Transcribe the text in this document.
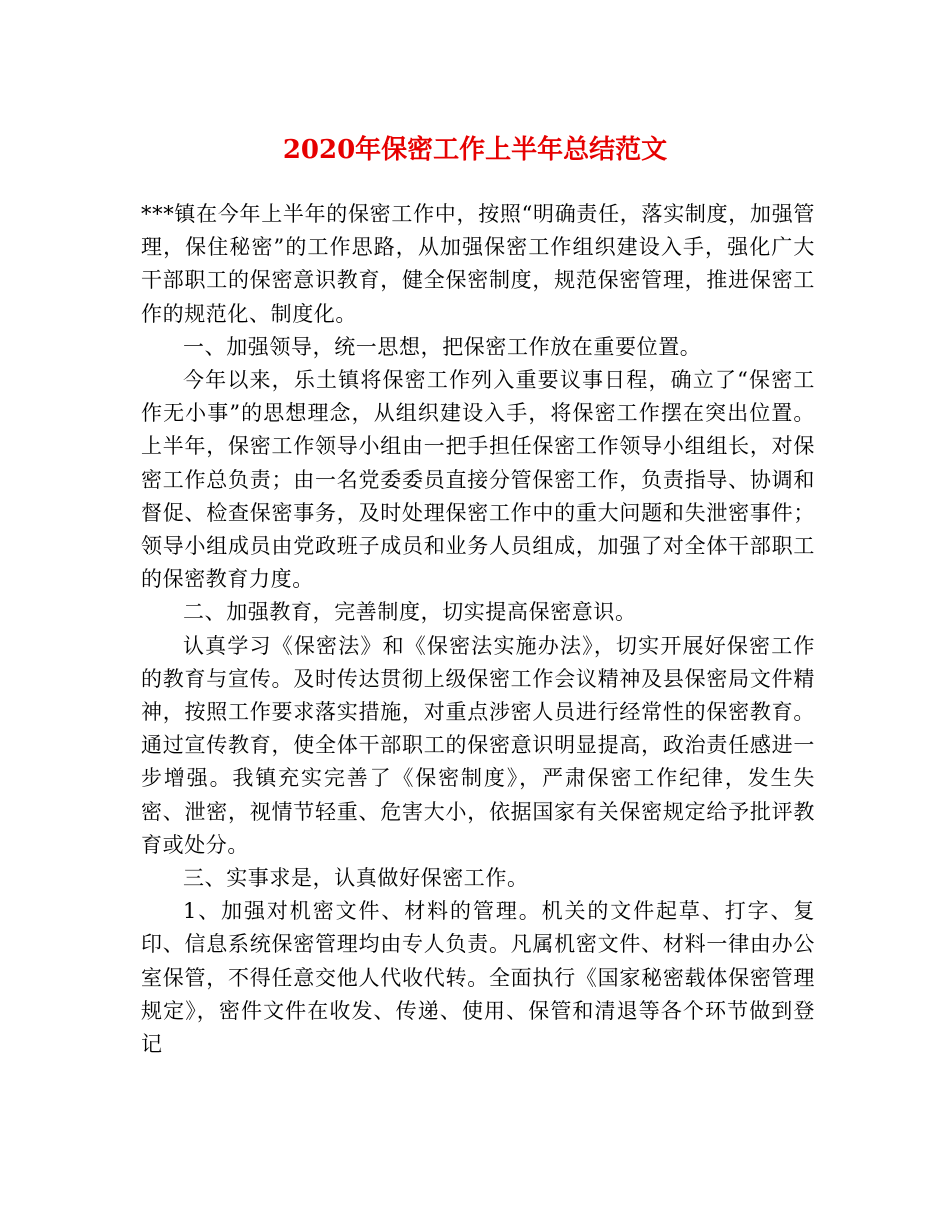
2020年保密工作上半年总结范文

***镇在今年上半年的保密工作中，按照“明确责任，落实制度，加强管理，保住秘密”的工作思路，从加强保密工作组织建设入手，强化广大干部职工的保密意识教育，健全保密制度，规范保密管理，推进保密工作的规范化、制度化。

一、加强领导，统一思想，把保密工作放在重要位置。

今年以来，乐土镇将保密工作列入重要议事日程，确立了“保密工作无小事”的思想理念，从组织建设入手，将保密工作摆在突出位置。上半年，保密工作领导小组由一把手担任保密工作领导小组组长，对保密工作总负责；由一名党委委员直接分管保密工作，负责指导、协调和督促、检查保密事务，及时处理保密工作中的重大问题和失泄密事件；领导小组成员由党政班子成员和业务人员组成，加强了对全体干部职工的保密教育力度。

二、加强教育，完善制度，切实提高保密意识。

认真学习《保密法》和《保密法实施办法》，切实开展好保密工作的教育与宣传。及时传达贯彻上级保密工作会议精神及县保密局文件精神，按照工作要求落实措施，对重点涉密人员进行经常性的保密教育。通过宣传教育，使全体干部职工的保密意识明显提高，政治责任感进一步增强。我镇充实完善了《保密制度》，严肃保密工作纪律，发生失密、泄密，视情节轻重、危害大小，依据国家有关保密规定给予批评教育或处分。

三、实事求是，认真做好保密工作。

1、加强对机密文件、材料的管理。机关的文件起草、打字、复印、信息系统保密管理均由专人负责。凡属机密文件、材料一律由办公室保管，不得任意交他人代收代转。全面执行《国家秘密载体保密管理规定》，密件文件在收发、传递、使用、保管和清退等各个环节做到登记
